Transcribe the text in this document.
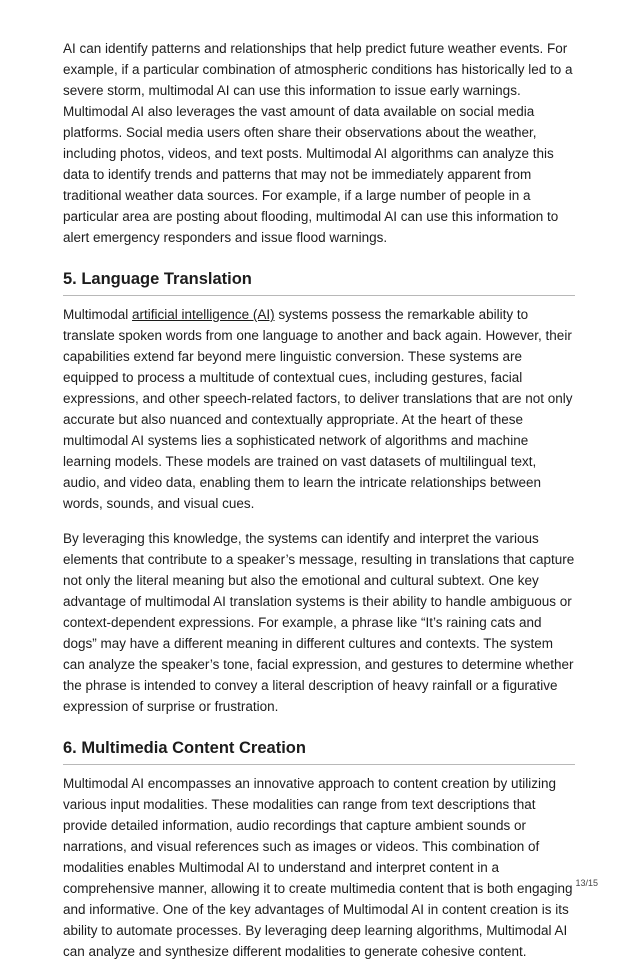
AI can identify patterns and relationships that help predict future weather events. For example, if a particular combination of atmospheric conditions has historically led to a severe storm, multimodal AI can use this information to issue early warnings. Multimodal AI also leverages the vast amount of data available on social media platforms. Social media users often share their observations about the weather, including photos, videos, and text posts. Multimodal AI algorithms can analyze this data to identify trends and patterns that may not be immediately apparent from traditional weather data sources. For example, if a large number of people in a particular area are posting about flooding, multimodal AI can use this information to alert emergency responders and issue flood warnings.

5. Language Translation

Multimodal artificial intelligence (AI) systems possess the remarkable ability to translate spoken words from one language to another and back again. However, their capabilities extend far beyond mere linguistic conversion. These systems are equipped to process a multitude of contextual cues, including gestures, facial expressions, and other speech-related factors, to deliver translations that are not only accurate but also nuanced and contextually appropriate. At the heart of these multimodal AI systems lies a sophisticated network of algorithms and machine learning models. These models are trained on vast datasets of multilingual text, audio, and video data, enabling them to learn the intricate relationships between words, sounds, and visual cues.

By leveraging this knowledge, the systems can identify and interpret the various elements that contribute to a speaker’s message, resulting in translations that capture not only the literal meaning but also the emotional and cultural subtext. One key advantage of multimodal AI translation systems is their ability to handle ambiguous or context-dependent expressions. For example, a phrase like “It’s raining cats and dogs” may have a different meaning in different cultures and contexts. The system can analyze the speaker’s tone, facial expression, and gestures to determine whether the phrase is intended to convey a literal description of heavy rainfall or a figurative expression of surprise or frustration.

6. Multimedia Content Creation

Multimodal AI encompasses an innovative approach to content creation by utilizing various input modalities. These modalities can range from text descriptions that provide detailed information, audio recordings that capture ambient sounds or narrations, and visual references such as images or videos. This combination of modalities enables Multimodal AI to understand and interpret content in a comprehensive manner, allowing it to create multimedia content that is both engaging and informative. One of the key advantages of Multimodal AI in content creation is its ability to automate processes. By leveraging deep learning algorithms, Multimodal AI can analyze and synthesize different modalities to generate cohesive content.

13/15
